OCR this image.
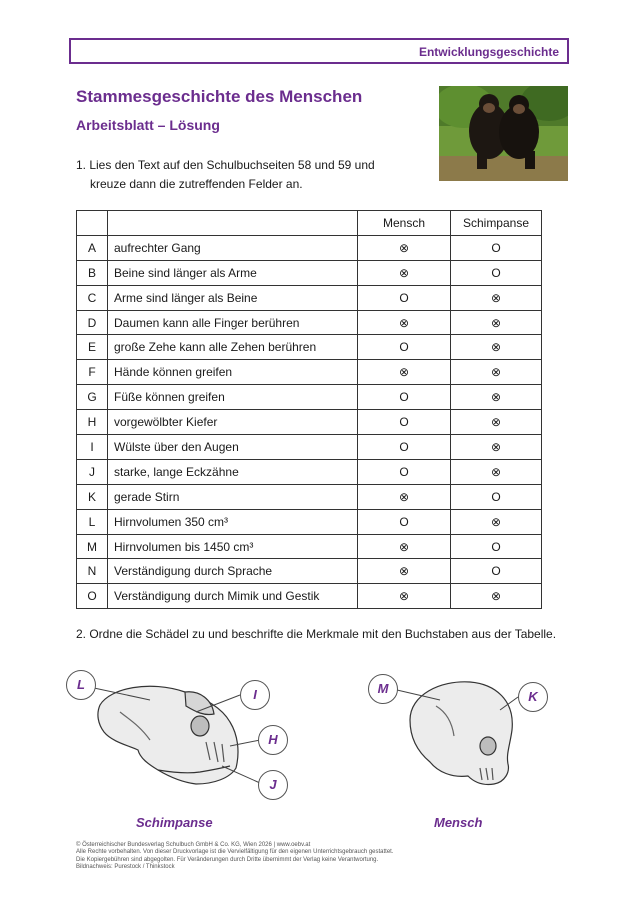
Entwicklungsgeschichte
Stammesgeschichte des Menschen
Arbeitsblatt – Lösung
1. Lies den Text auf den Schulbuchseiten 58 und 59 und
kreuze dann die zutreffenden Felder an.
		Mensch	Schimpanse
A	aufrechter Gang	⊗	O
B	Beine sind länger als Arme	⊗	O
C	Arme sind länger als Beine	O	⊗
D	Daumen kann alle Finger berühren	⊗	⊗
E	große Zehe kann alle Zehen berühren	O	⊗
F	Hände können greifen	⊗	⊗
G	Füße können greifen	O	⊗
H	vorgewölbter Kiefer	O	⊗
I	Wülste über den Augen	O	⊗
J	starke, lange Eckzähne	O	⊗
K	gerade Stirn	⊗	O
L	Hirnvolumen 350 cm³	O	⊗
M	Hirnvolumen bis 1450 cm³	⊗	O
N	Verständigung durch Sprache	⊗	O
O	Verständigung durch Mimik und Gestik	⊗	⊗
2. Ordne die Schädel zu und beschrifte die Merkmale mit den Buchstaben aus der Tabelle.
L
I
H
J
M
K
Schimpanse	Mensch
© Österreichischer Bundesverlag Schulbuch GmbH & Co. KG, Wien 2026 | www.oebv.at
Alle Rechte vorbehalten. Von dieser Druckvorlage ist die Vervielfältigung für den eigenen Unterrichtsgebrauch gestattet.
Die Kopiergebühren sind abgegolten. Für Veränderungen durch Dritte übernimmt der Verlag keine Verantwortung.
Bildnachweis: Purestock / Thinkstock
